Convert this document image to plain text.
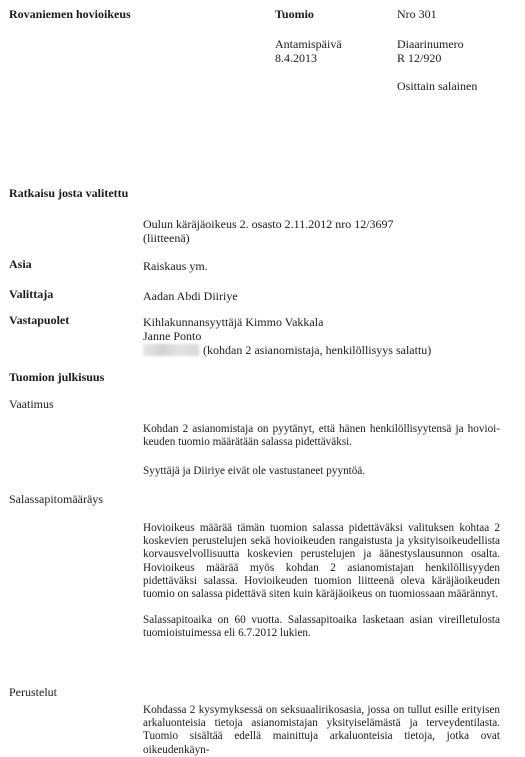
Rovaniemen hovioikeus	Tuomio	Nro 301
Antamispäivä
8.4.2013
Diaarinumero
R 12/920
Osittain salainen
Ratkaisu josta valitettu
Oulun käräjäoikeus 2. osasto 2.11.2012 nro 12/3697
(liitteenä)
Asia	Raiskaus ym.
Valittaja	Aadan Abdi Diiriye
Vastapuolet	Kihlakunnansyyttäjä Kimmo Vakkala
Janne Ponto
(kohdan 2 asianomistaja, henkilöllisyys salattu)
Tuomion julkisuus
Vaatimus
Kohdan 2 asianomistaja on pyytänyt, että hänen henkilöllisyytensä ja hovioi-keuden tuomio määrätään salassa pidettäväksi.
Syyttäjä ja Diiriye eivät ole vastustaneet pyyntöä.
Salassapitomääräys
Hovioikeus määrää tämän tuomion salassa pidettäväksi valituksen kohtaa 2 koskevien perustelujen sekä hovioikeuden rangaistusta ja yksityisoikeudellista korvausvelvollisuutta koskevien perustelujen ja äänestyslausunnon osalta. Hovioikeus määrää myös kohdan 2 asianomistajan henkilöllisyyden pidettäväksi salassa. Hovioikeuden tuomion liitteenä oleva käräjäoikeuden tuomio on salassa pidettävä siten kuin käräjäoikeus on tuomiossaan määrännyt.
Salassapitoaika on 60 vuotta. Salassapitoaika lasketaan asian vireilletulosta tuomioistuimessa eli 6.7.2012 lukien.
Perustelut
Kohdassa 2 kysymyksessä on seksuaalirikosasia, jossa on tullut esille erityisen arkaluonteisia tietoja asianomistajan yksityiselämästä ja terveydentilasta. Tuomio sisältää edellä mainittuja arkaluonteisia tietoja, jotka ovat oikeudenkäyn-
